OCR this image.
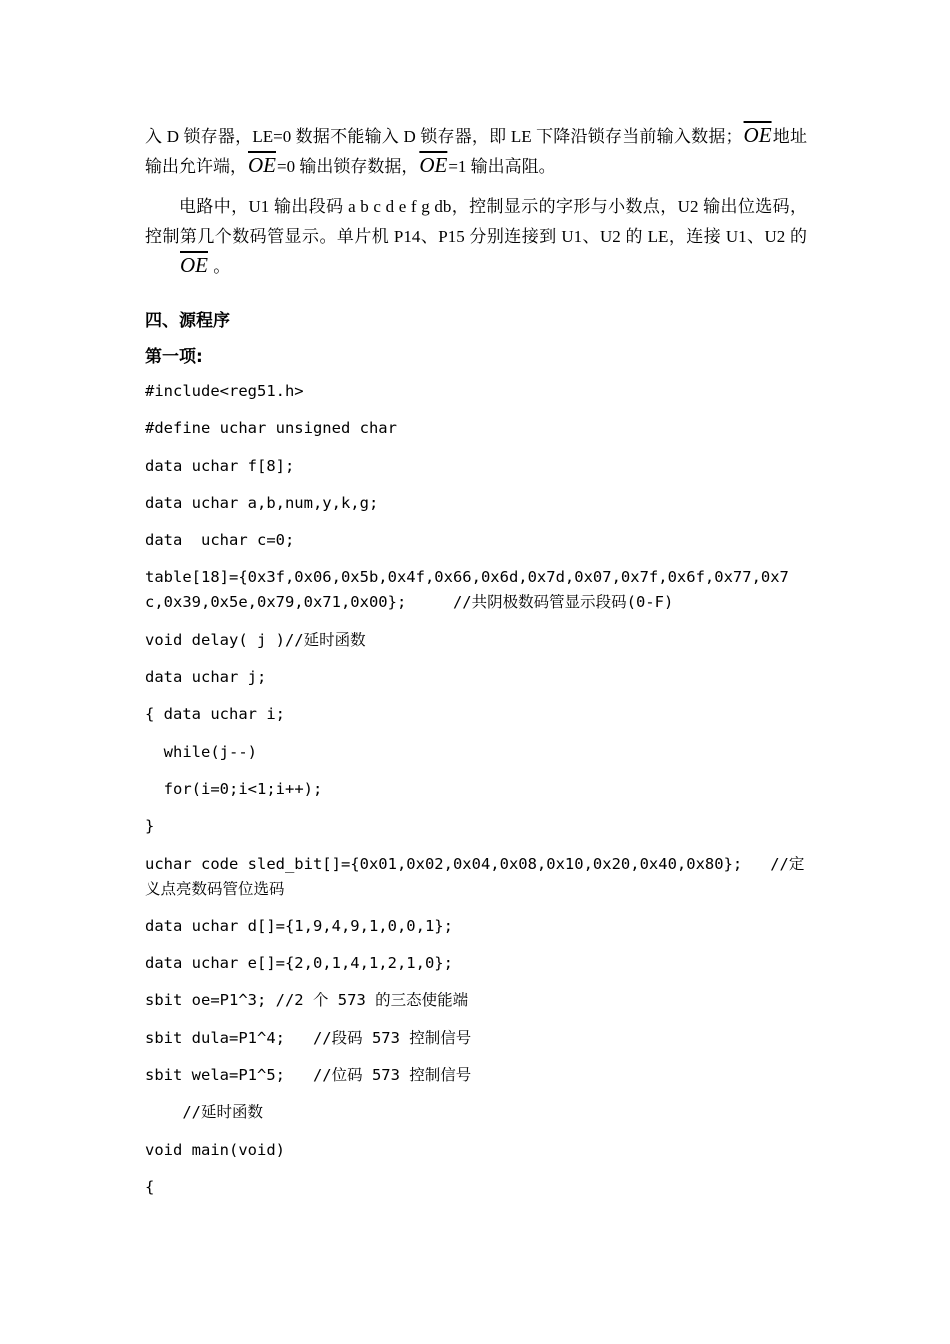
入 D 锁存器，LE=0 数据不能输入 D 锁存器，即 LE 下降沿锁存当前输入数据；$\overline{OE}$地址输出允许端，$\overline{OE}=0$ 输出锁存数据，$\overline{OE}=1$ 输出高阻。

电路中，U1 输出段码 a b c d e f g db，控制显示的字形与小数点，U2 输出位选码，控制第几个数码管显示。单片机 P14、P15 分别连接到 U1、U2 的 LE，连接 U1、U2 的$\overline{OE}$ 。

四、源程序

第一项:

#include<reg51.h>
#define uchar unsigned char
data uchar f[8];
data uchar a,b,num,y,k,g;
data  uchar c=0;
table[18]={0x3f,0x06,0x5b,0x4f,0x66,0x6d,0x7d,0x07,0x7f,0x6f,0x77,0x7c,0x39,0x5e,0x79,0x71,0x00};     //共阴极数码管显示段码(0-F)
void delay( j )//延时函数
data uchar j;
{ data uchar i;
while(j--)
for(i=0;i<1;i++);
}
uchar code sled_bit[]={0x01,0x02,0x04,0x08,0x10,0x20,0x40,0x80};   //定义点亮数码管位选码
data uchar d[]={1,9,4,9,1,0,0,1};
data uchar e[]={2,0,1,4,1,2,1,0};
sbit oe=P1^3; //2 个 573 的三态使能端
sbit dula=P1^4;   //段码 573 控制信号
sbit wela=P1^5;   //位码 573 控制信号
//延时函数
void main(void)
{
